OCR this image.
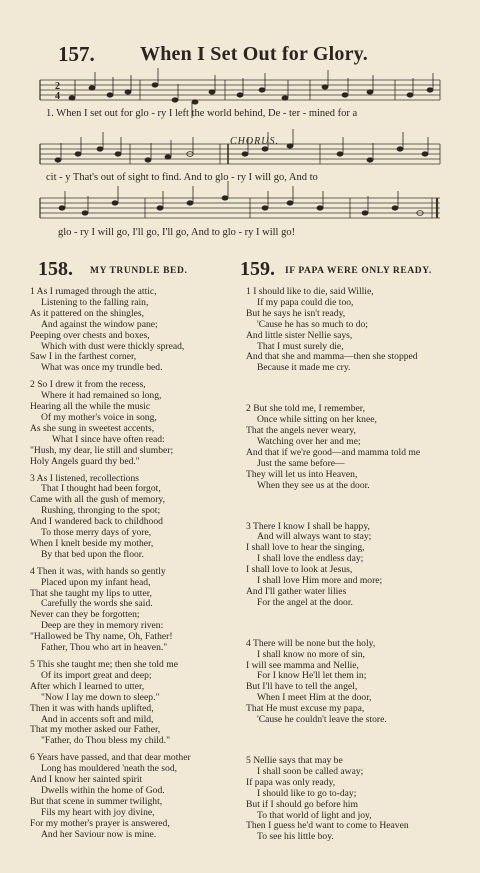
157. When I Set Out for Glory.
2
4
1. When I set out for glo - ry I left the world behind, De - ter - mined for a
CHORUS.
cit - y That's out of sight to find. And to glo - ry I will go, And to
glo - ry I will go, I'll go, I'll go, And to glo - ry I will go!
158. MY TRUNDLE BED.
1 As I rumaged through the attic,
Listening to the falling rain,
As it pattered on the shingles,
And against the window pane;
Peeping over chests and boxes,
Which with dust were thickly spread,
Saw I in the farthest corner,
What was once my trundle bed.
2 So I drew it from the recess,
Where it had remained so long,
Hearing all the while the music
Of my mother's voice in song,
As she sung in sweetest accents,
What I since have often read:
"Hush, my dear, lie still and slumber;
Holy Angels guard thy bed."
3 As I listened, recollections
That I thought had been forgot,
Came with all the gush of memory,
Rushing, thronging to the spot;
And I wandered back to childhood
To those merry days of yore,
When I knelt beside my mother,
By that bed upon the floor.
4 Then it was, with hands so gently
Placed upon my infant head,
That she taught my lips to utter,
Carefully the words she said.
Never can they be forgotten;
Deep are they in memory riven:
"Hallowed be Thy name, Oh, Father!
Father, Thou who art in heaven."
5 This she taught me; then she told me
Of its import great and deep;
After which I learned to utter,
"Now I lay me down to sleep."
Then it was with hands uplifted,
And in accents soft and mild,
That my mother asked our Father,
"Father, do Thou bless my child."
6 Years have passed, and that dear mother
Long has mouldered 'neath the sod,
And I know her sainted spirit
Dwells within the home of God.
But that scene in summer twilight,
Fils my heart with joy divine,
For my mother's prayer is answered,
And her Saviour now is mine.
159. IF PAPA WERE ONLY READY.
1 I should like to die, said Willie,
If my papa could die too,
But he says he isn't ready,
'Cause he has so much to do;
And little sister Nellie says,
That I must surely die,
And that she and mamma—then she stopped
Because it made me cry.
2 But she told me, I remember,
Once while sitting on her knee,
That the angels never weary,
Watching over her and me;
And that if we're good—and mamma told me
Just the same before—
They will let us into Heaven,
When they see us at the door.
3 There I know I shall be happy,
And will always want to stay;
I shall love to hear the singing,
I shall love the endless day;
I shall love to look at Jesus,
I shall love Him more and more;
And I'll gather water lilies
For the angel at the door.
4 There will be none but the holy,
I shall know no more of sin,
I will see mamma and Nellie,
For I know He'll let them in;
But I'll have to tell the angel,
When I meet Him at the door,
That He must excuse my papa,
'Cause he couldn't leave the store.
5 Nellie says that may be
I shall soon be called away;
If papa was only ready,
I should like to go to-day;
But if I should go before him
To that world of light and joy,
Then I guess he'd want to come to Heaven
To see his little boy.
